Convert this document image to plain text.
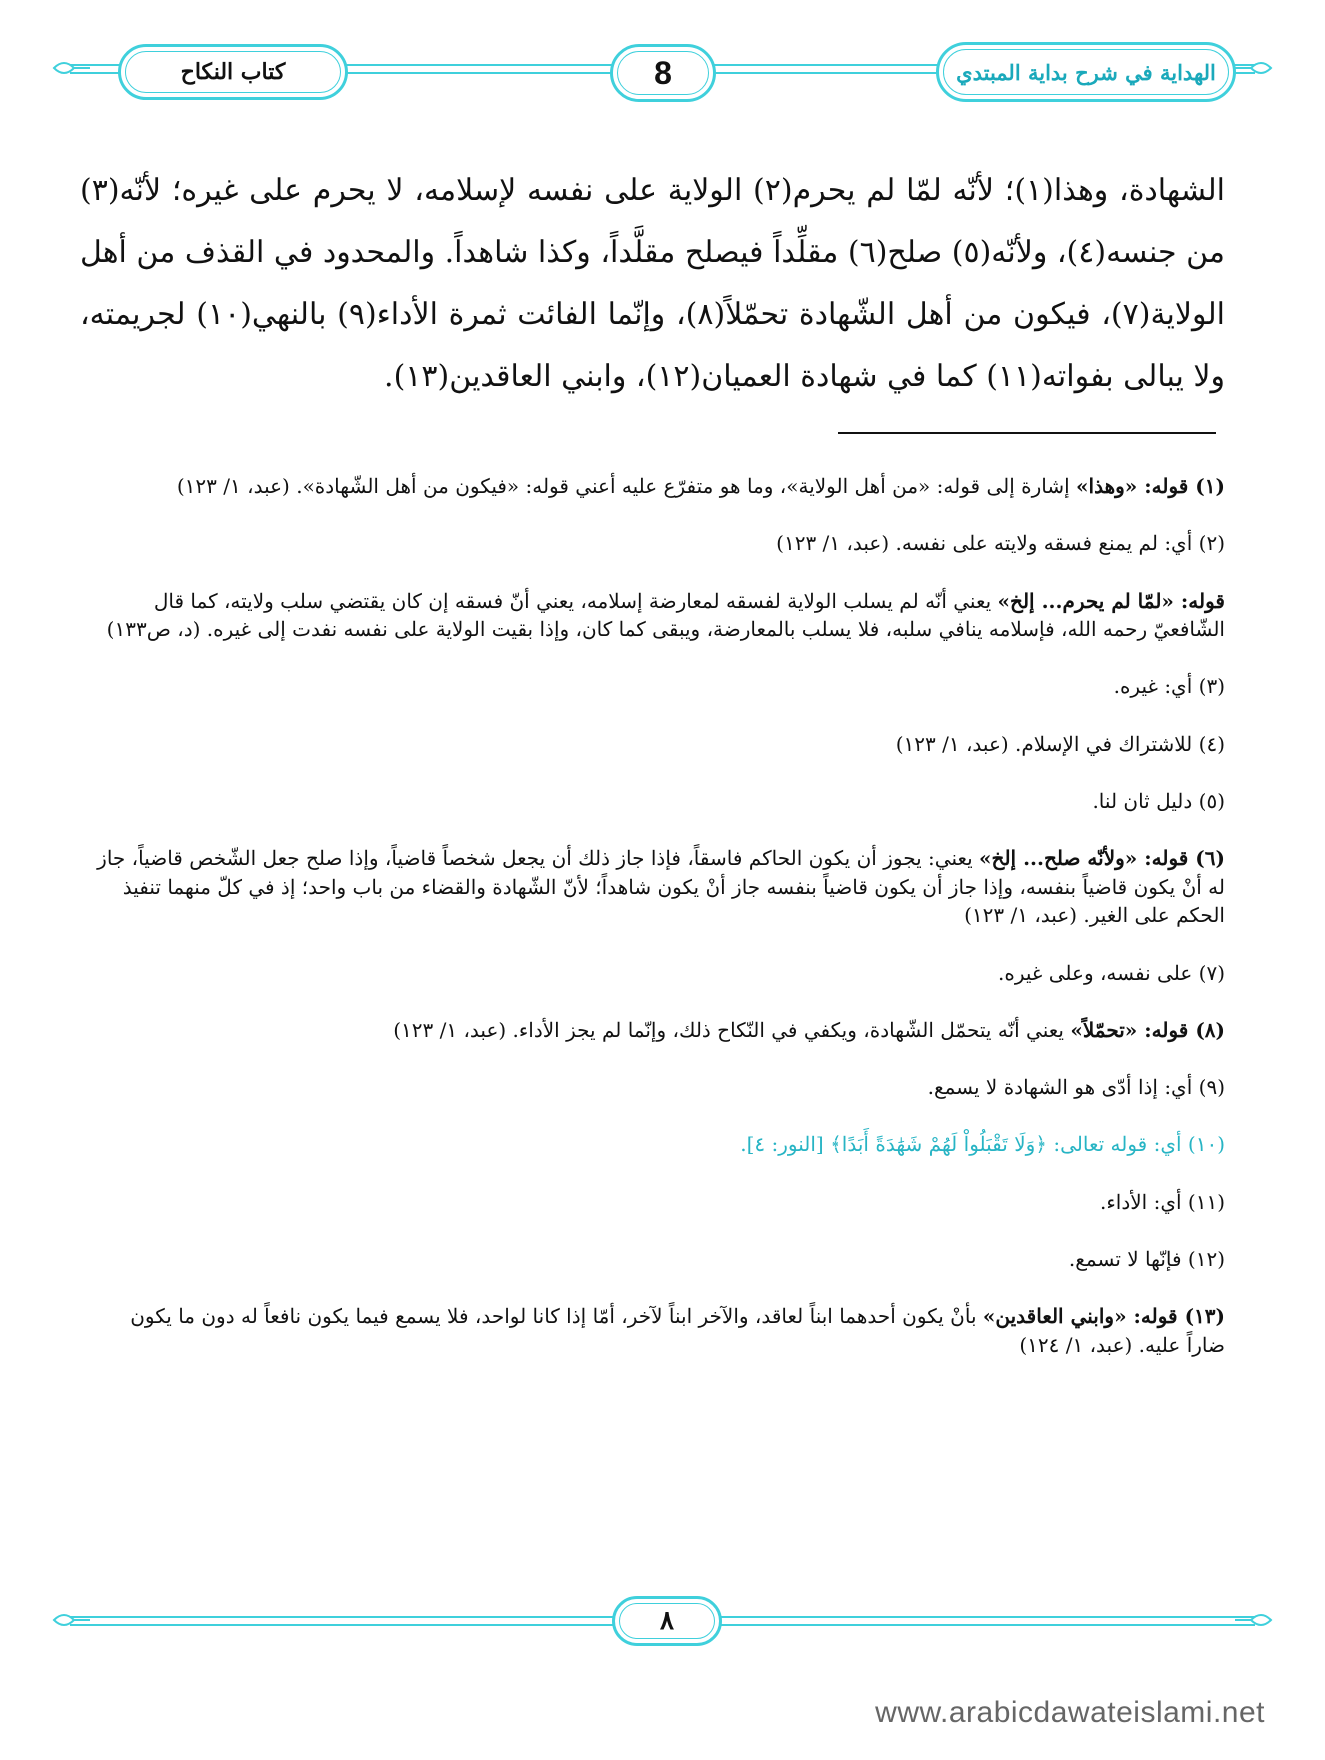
كتاب النكاح	8	الهداية في شرح بداية المبتدي

الشهادة، وهذا(١)؛ لأنّه لمّا لم يحرم(٢) الولاية على نفسه لإسلامه، لا يحرم على غيره؛ لأنّه(٣) من جنسه(٤)، ولأنّه(٥) صلح(٦) مقلِّداً فيصلح مقلَّداً، وكذا شاهداً. والمحدود في القذف من أهل الولاية(٧)، فيكون من أهل الشّهادة تحمّلاً(٨)، وإنّما الفائت ثمرة الأداء(٩) بالنهي(١٠) لجريمته، ولا يبالى بفواته(١١) كما في شهادة العميان(١٢)، وابني العاقدين(١٣).

(١) قوله: «وهذا» إشارة إلى قوله: «من أهل الولاية»، وما هو متفرّع عليه أعني قوله: «فيكون من أهل الشّهادة». (عبد، ١/ ١٢٣)

(٢) أي: لم يمنع فسقه ولايته على نفسه. (عبد، ١/ ١٢٣)

قوله: «لمّا لم يحرم... إلخ» يعني أنّه لم يسلب الولاية لفسقه لمعارضة إسلامه، يعني أنّ فسقه إن كان يقتضي سلب ولايته، كما قال الشّافعيّ رحمه الله، فإسلامه ينافي سلبه، فلا يسلب بالمعارضة، ويبقى كما كان، وإذا بقيت الولاية على نفسه نفدت إلى غيره. (د، ص١٣٣)

(٣) أي: غيره.

(٤) للاشتراك في الإسلام. (عبد، ١/ ١٢٣)

(٥) دليل ثان لنا.

(٦) قوله: «ولأنّه صلح... إلخ» يعني: يجوز أن يكون الحاكم فاسقاً، فإذا جاز ذلك أن يجعل شخصاً قاضياً، وإذا صلح جعل الشّخص قاضياً، جاز له أنْ يكون قاضياً بنفسه، وإذا جاز أن يكون قاضياً بنفسه جاز أنْ يكون شاهداً؛ لأنّ الشّهادة والقضاء من باب واحد؛ إذ في كلّ منهما تنفيذ الحكم على الغير. (عبد، ١/ ١٢٣)

(٧) على نفسه، وعلى غيره.

(٨) قوله: «تحمّلاً» يعني أنّه يتحمّل الشّهادة، ويكفي في النّكاح ذلك، وإنّما لم يجز الأداء. (عبد، ١/ ١٢٣)

(٩) أي: إذا أدّى هو الشهادة لا يسمع.

(١٠) أي: قوله تعالى: ﴿وَلَا تَقْبَلُواْ لَهُمْ شَهَٰدَةً أَبَدًا﴾ [النور: ٤].

(١١) أي: الأداء.

(١٢) فإنّها لا تسمع.

(١٣) قوله: «وابني العاقدين» بأنْ يكون أحدهما ابناً لعاقد، والآخر ابناً لآخر، أمّا إذا كانا لواحد، فلا يسمع فيما يكون نافعاً له دون ما يكون ضاراً عليه. (عبد، ١/ ١٢٤)

٨
www.arabicdawateislami.net
